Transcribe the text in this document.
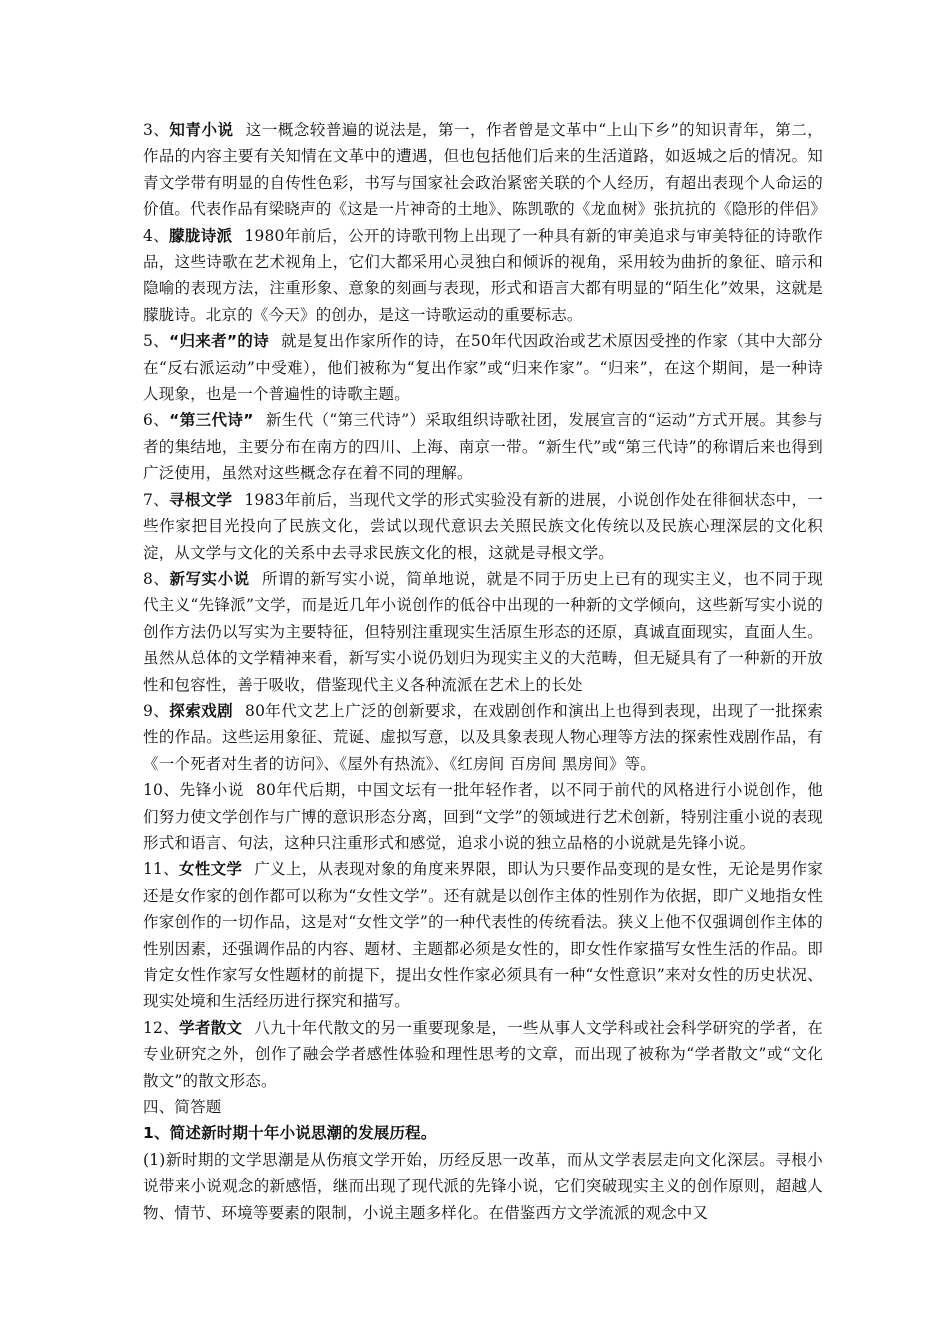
3、知青小说 这一概念较普遍的说法是，第一，作者曾是文革中“上山下乡”的知识青年，第二，作品的内容主要有关知情在文革中的遭遇，但也包括他们后来的生活道路，如返城之后的情况。知青文学带有明显的自传性色彩，书写与国家社会政治紧密关联的个人经历，有超出表现个人命运的价值。代表作品有梁晓声的《这是一片神奇的土地》、陈凯歌的《龙血树》张抗抗的《隐形的伴侣》

4、朦胧诗派 1980年前后，公开的诗歌刊物上出现了一种具有新的审美追求与审美特征的诗歌作品，这些诗歌在艺术视角上，它们大都采用心灵独白和倾诉的视角，采用较为曲折的象征、暗示和隐喻的表现方法，注重形象、意象的刻画与表现，形式和语言大都有明显的“陌生化”效果，这就是朦胧诗。北京的《今天》的创办，是这一诗歌运动的重要标志。

5、“归来者”的诗 就是复出作家所作的诗，在50年代因政治或艺术原因受挫的作家（其中大部分在“反右派运动”中受难），他们被称为“复出作家”或“归来作家”。“归来”，在这个期间，是一种诗人现象，也是一个普遍性的诗歌主题。

6、“第三代诗” 新生代（“第三代诗”）采取组织诗歌社团，发展宣言的“运动”方式开展。其参与者的集结地，主要分布在南方的四川、上海、南京一带。“新生代”或“第三代诗”的称谓后来也得到广泛使用，虽然对这些概念存在着不同的理解。

7、寻根文学 1983年前后，当现代文学的形式实验没有新的进展，小说创作处在徘徊状态中，一些作家把目光投向了民族文化，尝试以现代意识去关照民族文化传统以及民族心理深层的文化积淀，从文学与文化的关系中去寻求民族文化的根，这就是寻根文学。

8、新写实小说 所谓的新写实小说，简单地说，就是不同于历史上已有的现实主义，也不同于现代主义“先锋派”文学，而是近几年小说创作的低谷中出现的一种新的文学倾向，这些新写实小说的创作方法仍以写实为主要特征，但特别注重现实生活原生形态的还原，真诚直面现实，直面人生。虽然从总体的文学精神来看，新写实小说仍划归为现实主义的大范畴，但无疑具有了一种新的开放性和包容性，善于吸收，借鉴现代主义各种流派在艺术上的长处

9、探索戏剧 80年代文艺上广泛的创新要求，在戏剧创作和演出上也得到表现，出现了一批探索性的作品。这些运用象征、荒诞、虚拟写意，以及具象表现人物心理等方法的探索性戏剧作品，有《一个死者对生者的访问》、《屋外有热流》、《红房间 百房间 黑房间》等。

10、先锋小说 80年代后期，中国文坛有一批年轻作者，以不同于前代的风格进行小说创作，他们努力使文学创作与广博的意识形态分离，回到“文学”的领域进行艺术创新，特别注重小说的表现形式和语言、句法，这种只注重形式和感觉，追求小说的独立品格的小说就是先锋小说。

11、女性文学 广义上，从表现对象的角度来界限，即认为只要作品变现的是女性，无论是男作家还是女作家的创作都可以称为“女性文学”。还有就是以创作主体的性别作为依据，即广义地指女性作家创作的一切作品，这是对“女性文学”的一种代表性的传统看法。狭义上他不仅强调创作主体的性别因素，还强调作品的内容、题材、主题都必须是女性的，即女性作家描写女性生活的作品。即肯定女性作家写女性题材的前提下，提出女性作家必须具有一种“女性意识”来对女性的历史状况、现实处境和生活经历进行探究和描写。

12、学者散文 八九十年代散文的另一重要现象是，一些从事人文学科或社会科学研究的学者，在专业研究之外，创作了融会学者感性体验和理性思考的文章，而出现了被称为“学者散文”或“文化散文”的散文形态。

四、简答题

1、简述新时期十年小说思潮的发展历程。

(1)新时期的文学思潮是从伤痕文学开始，历经反思一改革，而从文学表层走向文化深层。寻根小说带来小说观念的新感悟，继而出现了现代派的先锋小说，它们突破现实主义的创作原则，超越人物、情节、环境等要素的限制，小说主题多样化。在借鉴西方文学流派的观念中又
